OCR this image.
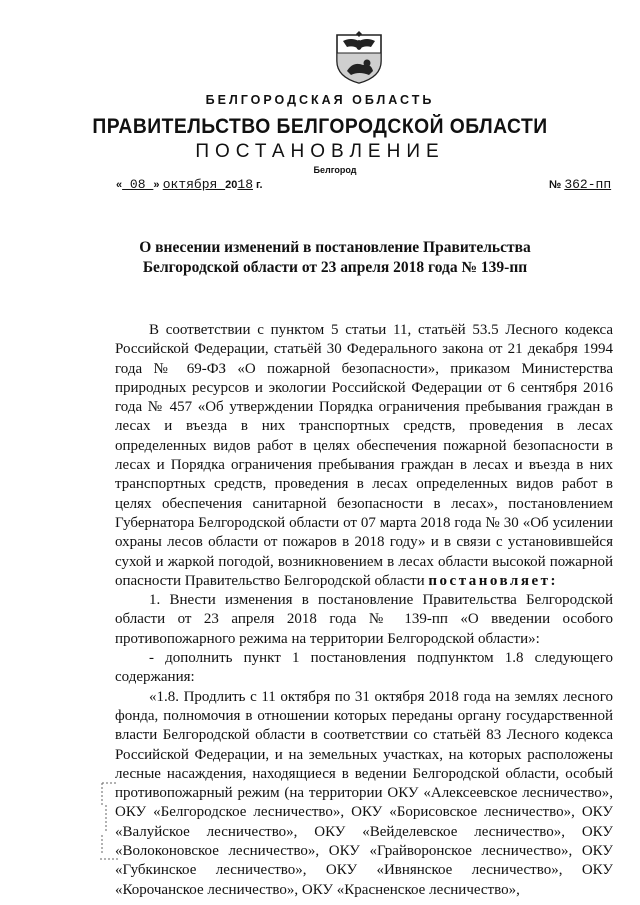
БЕЛГОРОДСКАЯ ОБЛАСТЬ
ПРАВИТЕЛЬСТВО БЕЛГОРОДСКОЙ ОБЛАСТИ
ПОСТАНОВЛЕНИЕ
Белгород
« 08 » октября 2018 г.	№ 362-пп
О внесении изменений в постановление Правительства
Белгородской области от 23 апреля 2018 года № 139-пп

В соответствии с пунктом 5 статьи 11, статьёй 53.5 Лесного кодекса Российской Федерации, статьёй 30 Федерального закона от 21 декабря 1994 года № 69-ФЗ «О пожарной безопасности», приказом Министерства природных ресурсов и экологии Российской Федерации от 6 сентября 2016 года № 457 «Об утверждении Порядка ограничения пребывания граждан в лесах и въезда в них транспортных средств, проведения в лесах определенных видов работ в целях обеспечения пожарной безопасности в лесах и Порядка ограничения пребывания граждан в лесах и въезда в них транспортных средств, проведения в лесах определенных видов работ в целях обеспечения санитарной безопасности в лесах», постановлением Губернатора Белгородской области от 07 марта 2018 года № 30 «Об усилении охраны лесов области от пожаров в 2018 году» и в связи с установившейся сухой и жаркой погодой, возникновением в лесах области высокой пожарной опасности Правительство Белгородской области постановляет:

1. Внести изменения в постановление Правительства Белгородской области от 23 апреля 2018 года № 139-пп «О введении особого противопожарного режима на территории Белгородской области»:

- дополнить пункт 1 постановления подпунктом 1.8 следующего содержания:

«1.8. Продлить с 11 октября по 31 октября 2018 года на землях лесного фонда, полномочия в отношении которых переданы органу государственной власти Белгородской области в соответствии со статьёй 83 Лесного кодекса Российской Федерации, и на земельных участках, на которых расположены лесные насаждения, находящиеся в ведении Белгородской области, особый противопожарный режим (на территории ОКУ «Алексеевское лесничество», ОКУ «Белгородское лесничество», ОКУ «Борисовское лесничество», ОКУ «Валуйское лесничество», ОКУ «Вейделевское лесничество», ОКУ «Волоконовское лесничество», ОКУ «Грайворонское лесничество», ОКУ «Губкинское лесничество», ОКУ «Ивнянское лесничество», ОКУ «Корочанское лесничество», ОКУ «Красненское лесничество»,
